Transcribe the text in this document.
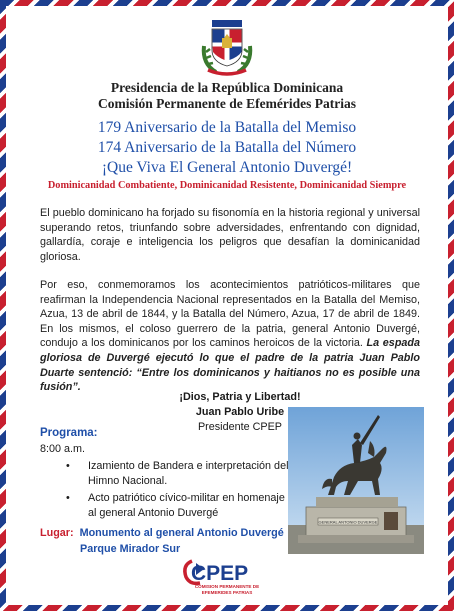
Presidencia de la República Dominicana
Comisión Permanente de Efemérides Patrias
179 Aniversario de la Batalla del Memiso
174 Aniversario de la Batalla del Número
¡Que Viva El General Antonio Duvergé!
Dominicanidad Combatiente, Dominicanidad Resistente, Dominicanidad Siempre
El pueblo dominicano ha forjado su fisonomía en la historia regional y universal superando retos, triunfando sobre adversidades, enfrentando con dignidad, gallardía, coraje e inteligencia los peligros que desafían la dominicanidad gloriosa.
Por eso, conmemoramos los acontecimientos patrióticos-militares que reafirman la Independencia Nacional representados en la Batalla del Memiso, Azua, 13 de abril de 1844, y la Batalla del Número, Azua, 17 de abril de 1849. En los mismos, el coloso guerrero de la patria, general Antonio Duvergé, condujo a los dominicanos por los caminos heroicos de la victoria. La espada gloriosa de Duvergé ejecutó lo que el padre de la patria Juan Pablo Duarte sentenció: “Entre los dominicanos y haitianos no es posible una fusión”.
¡Dios, Patria y Libertad!
Juan Pablo Uribe
Presidente CPEP
Programa:
8:00 a.m.
• Izamiento de Bandera e interpretación del Himno Nacional.
• Acto patriótico cívico-militar en homenaje al general Antonio Duvergé
Lugar: Monumento al general Antonio Duvergé
Parque Mirador Sur
GENERAL ANTONIO DUVERGE
CPEP
COMISION PERMANENTE DE
EFEMERIDES PATRIAS
